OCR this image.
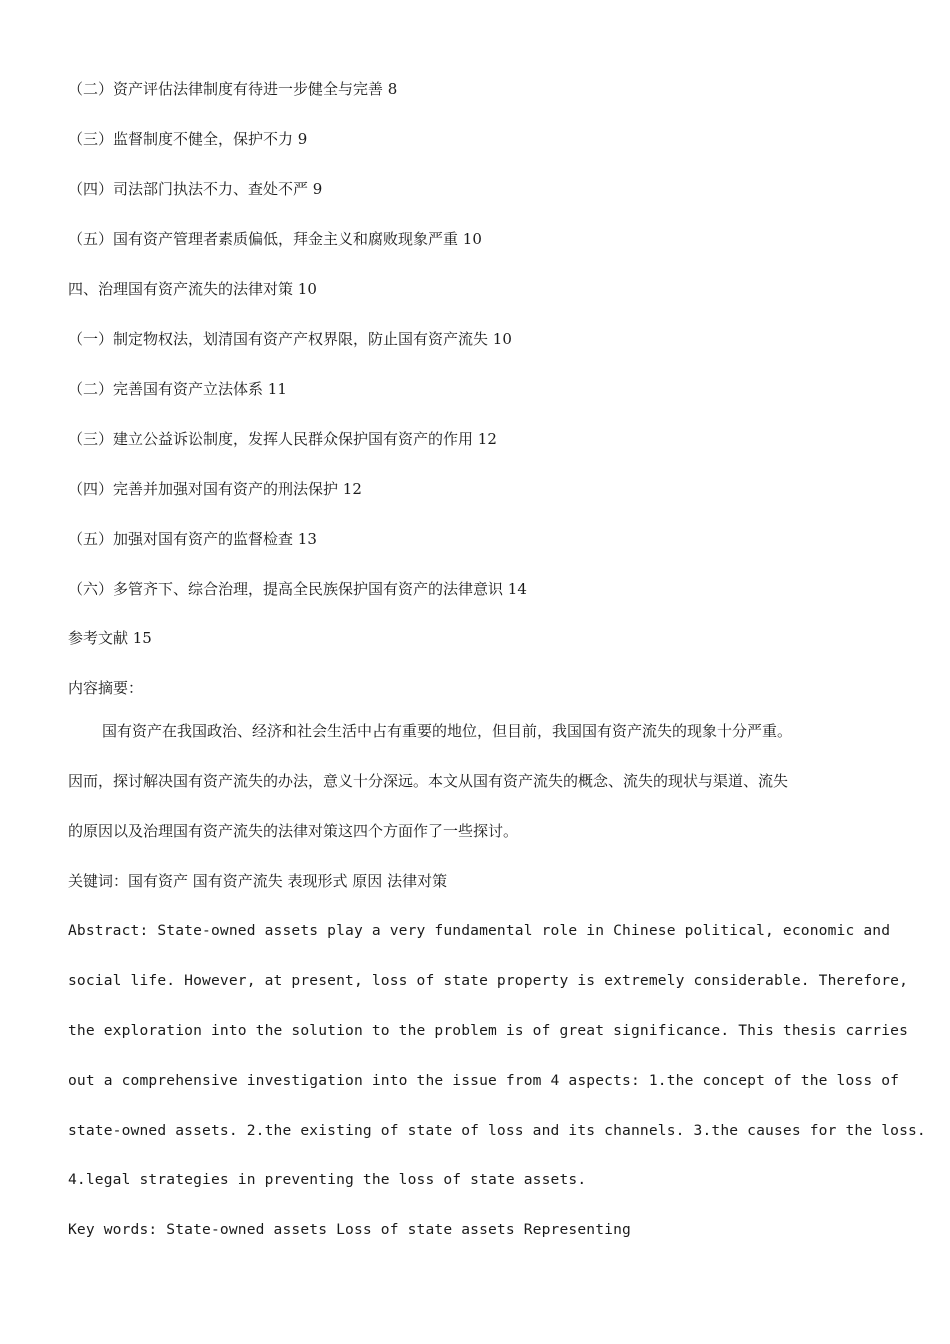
（二）资产评估法律制度有待进一步健全与完善 8
（三）监督制度不健全，保护不力 9
（四）司法部门执法不力、查处不严 9
（五）国有资产管理者素质偏低，拜金主义和腐败现象严重 10
四、治理国有资产流失的法律对策 10
（一）制定物权法，划清国有资产产权界限，防止国有资产流失 10
（二）完善国有资产立法体系 11
（三）建立公益诉讼制度，发挥人民群众保护国有资产的作用 12
（四）完善并加强对国有资产的刑法保护 12
（五）加强对国有资产的监督检查 13
（六）多管齐下、综合治理，提高全民族保护国有资产的法律意识 14
参考文献 15
内容摘要：
国有资产在我国政治、经济和社会生活中占有重要的地位，但目前，我国国有资产流失的现象十分严重。
因而，探讨解决国有资产流失的办法，意义十分深远。本文从国有资产流失的概念、流失的现状与渠道、流失
的原因以及治理国有资产流失的法律对策这四个方面作了一些探讨。
关键词：国有资产 国有资产流失 表现形式 原因 法律对策
Abstract: State-owned assets play a very fundamental role in Chinese political, economic and
social life. However, at present, loss of state property is extremely considerable. Therefore,
the exploration into the solution to the problem is of great significance. This thesis carries
out a comprehensive investigation into the issue from 4 aspects: 1.the concept of the loss of
state-owned assets. 2.the existing of state of loss and its channels. 3.the causes for the loss.
4.legal strategies in preventing the loss of state assets.
Key words: State-owned assets Loss of state assets Representing
